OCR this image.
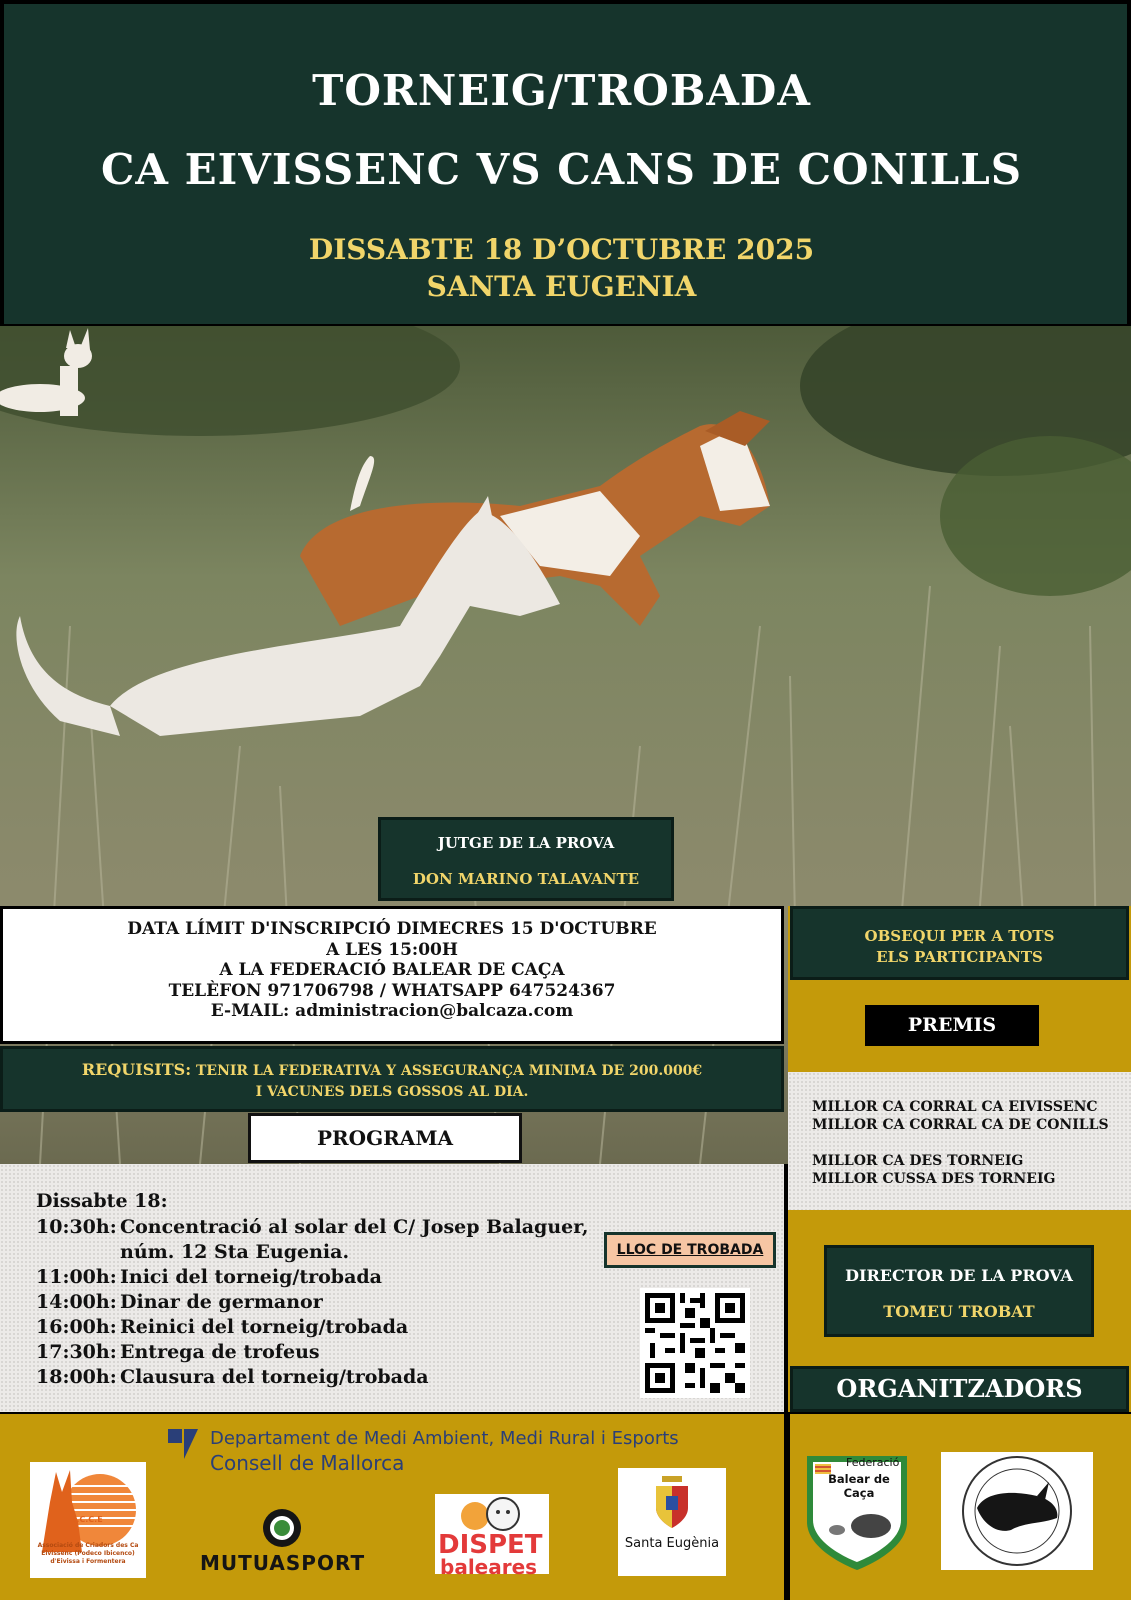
TORNEIG/TROBADA
CA EIVISSENC VS CANS DE CONILLS
DISSABTE 18 D’OCTUBRE 2025
SANTA EUGENIA
JUTGE DE LA PROVA
DON MARINO TALAVANTE
DATA LÍMIT D'INSCRIPCIÓ DIMECRES 15 D'OCTUBRE
A LES 15:00H
A LA FEDERACIÓ BALEAR DE CAÇA
TELÈFON 971706798 / WHATSAPP 647524367
E-MAIL: administracion@balcaza.com
REQUISITS: TENIR LA FEDERATIVA Y ASSEGURANÇA MINIMA DE 200.000€
I VACUNES DELS GOSSOS AL DIA.
PROGRAMA
Dissabte 18:
10:30h: Concentració al solar del C/ Josep Balaguer,
núm. 12 Sta Eugenia.
11:00h: Inici del torneig/trobada
14:00h: Dinar de germanor
16:00h: Reinici del torneig/trobada
17:30h: Entrega de trofeus
18:00h: Clausura del torneig/trobada
LLOC DE TROBADA
OBSEQUI PER A TOTS
ELS PARTICIPANTS
PREMIS
MILLOR CA CORRAL CA EIVISSENC
MILLOR CA CORRAL CA DE CONILLS
MILLOR CA DES TORNEIG
MILLOR CUSSA DES TORNEIG
DIRECTOR DE LA PROVA
TOMEU TROBAT
ORGANITZADORS
Departament de Medi Ambient, Medi Rural i Esports
Consell de Mallorca
A.C.C.E
Associació de Criadors des Ca Eivissenc (Podeco Ibicenco) d'Eivissa i Formentera	MUTUASPORT
DISPET
baleares
Santa Eugènia
Federació
Balear de Caça
